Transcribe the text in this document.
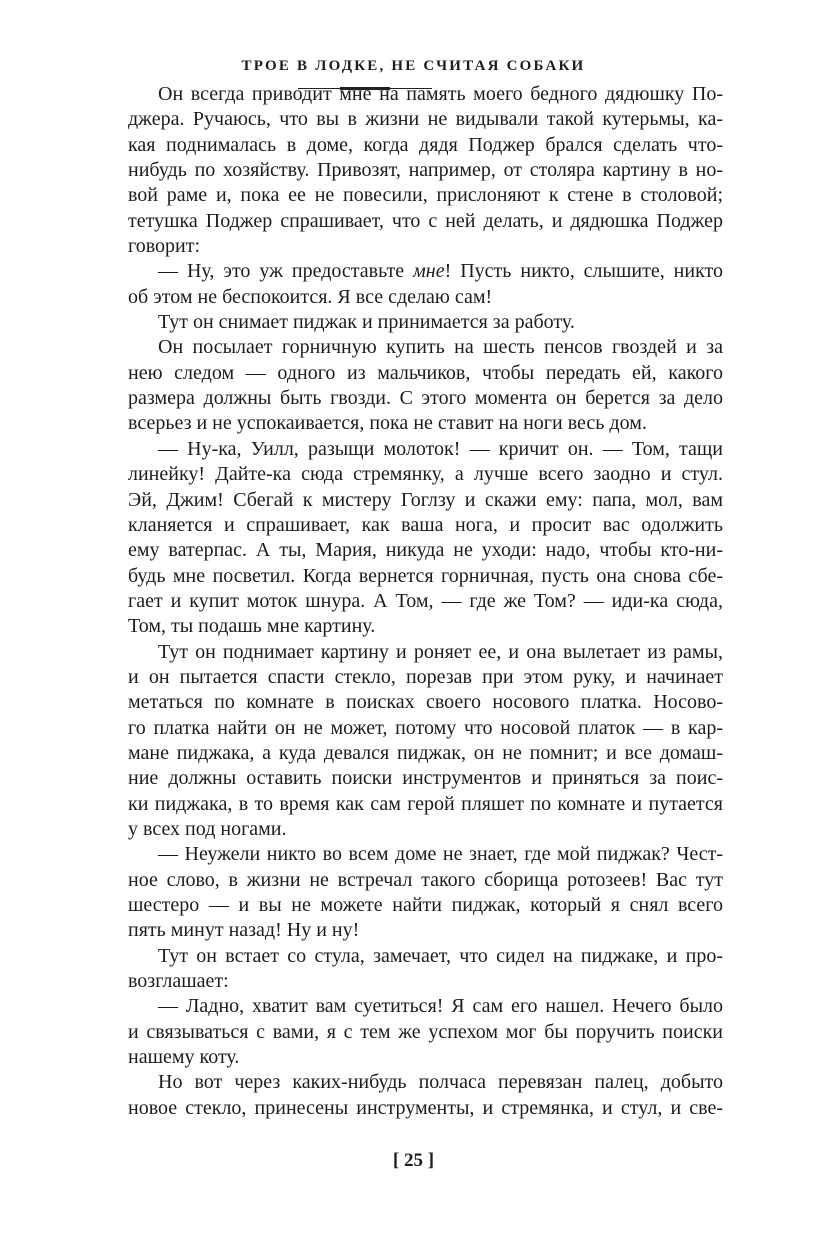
ТРОЕ В ЛОДКЕ, НЕ СЧИТАЯ СОБАКИ
Он всегда приводит мне на память моего бедного дядюшку По-
джера. Ручаюсь, что вы в жизни не видывали такой кутерьмы, ка-
кая поднималась в доме, когда дядя Поджер брался сделать что-
нибудь по хозяйству. Привозят, например, от столяра картину в но-
вой раме и, пока ее не повесили, прислоняют к стене в столовой;
тетушка Поджер спрашивает, что с ней делать, и дядюшка Поджер
говорит:
— Ну, это уж предоставьте мне! Пусть никто, слышите, никто
об этом не беспокоится. Я все сделаю сам!
Тут он снимает пиджак и принимается за работу.
Он посылает горничную купить на шесть пенсов гвоздей и за
нею следом — одного из мальчиков, чтобы передать ей, какого
размера должны быть гвозди. С этого момента он берется за дело
всерьез и не успокаивается, пока не ставит на ноги весь дом.
— Ну-ка, Уилл, разыщи молоток! — кричит он. — Том, тащи
линейку! Дайте-ка сюда стремянку, а лучше всего заодно и стул.
Эй, Джим! Сбегай к мистеру Гоглзу и скажи ему: папа, мол, вам
кланяется и спрашивает, как ваша нога, и просит вас одолжить
ему ватерпас. А ты, Мария, никуда не уходи: надо, чтобы кто-ни-
будь мне посветил. Когда вернется горничная, пусть она снова сбе-
гает и купит моток шнура. А Том, — где же Том? — иди-ка сюда,
Том, ты подашь мне картину.
Тут он поднимает картину и роняет ее, и она вылетает из рамы,
и он пытается спасти стекло, порезав при этом руку, и начинает
метаться по комнате в поисках своего носового платка. Носово-
го платка найти он не может, потому что носовой платок — в кар-
мане пиджака, а куда девался пиджак, он не помнит; и все домаш-
ние должны оставить поиски инструментов и приняться за поис-
ки пиджака, в то время как сам герой пляшет по комнате и путается
у всех под ногами.
— Неужели никто во всем доме не знает, где мой пиджак? Чест-
ное слово, в жизни не встречал такого сборища ротозеев! Вас тут
шестеро — и вы не можете найти пиджак, который я снял всего
пять минут назад! Ну и ну!
Тут он встает со стула, замечает, что сидел на пиджаке, и про-
возглашает:
— Ладно, хватит вам суетиться! Я сам его нашел. Нечего было
и связываться с вами, я с тем же успехом мог бы поручить поиски
нашему коту.
Но вот через каких-нибудь полчаса перевязан палец, добыто
новое стекло, принесены инструменты, и стремянка, и стул, и све-
[ 25 ]
